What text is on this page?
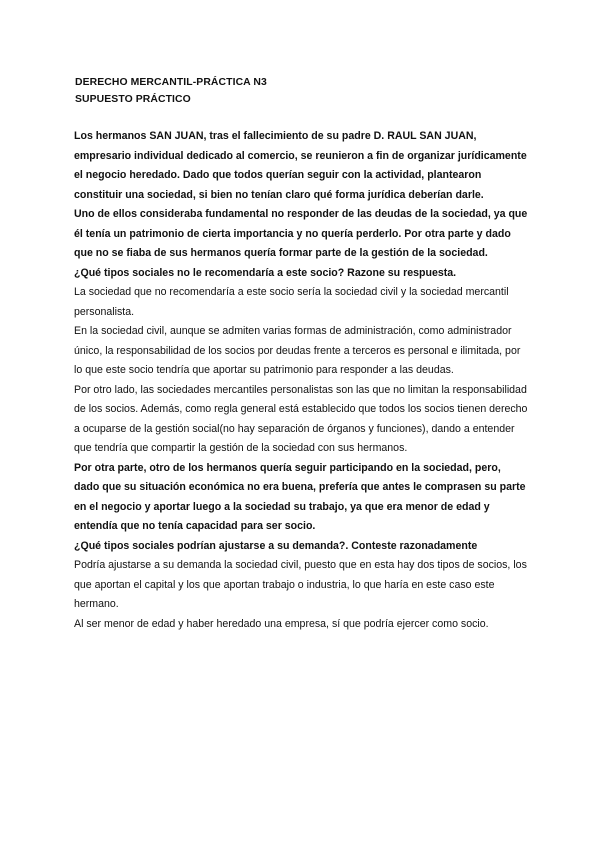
DERECHO MERCANTIL-PRÁCTICA N3

SUPUESTO PRÁCTICO

Los hermanos SAN JUAN, tras el fallecimiento de su padre D. RAUL SAN JUAN, empresario individual dedicado al comercio, se reunieron a fin de organizar jurídicamente el negocio heredado. Dado que todos querían seguir con la actividad, plantearon constituir una sociedad, si bien no tenían claro qué forma jurídica deberían darle.

Uno de ellos consideraba fundamental no responder de las deudas de la sociedad, ya que él tenía un patrimonio de cierta importancia y no quería perderlo. Por otra parte y dado que no se fiaba de sus hermanos quería formar parte de la gestión de la sociedad.

¿Qué tipos sociales no le recomendaría a este socio? Razone su respuesta.

La sociedad que no recomendaría a este socio sería la sociedad civil y la sociedad mercantil personalista.

En la sociedad civil, aunque se admiten varias formas de administración, como administrador único, la responsabilidad de los socios por deudas frente a terceros es personal e ilimitada, por lo que este socio tendría que aportar su patrimonio para responder a las deudas.

Por otro lado, las sociedades mercantiles personalistas son las que no limitan la responsabilidad de los socios. Además, como regla general está establecido que todos los socios tienen derecho a ocuparse de la gestión social(no hay separación de órganos y funciones), dando a entender que tendría que compartir la gestión de la sociedad con sus hermanos.

Por otra parte, otro de los hermanos quería seguir participando en la sociedad, pero, dado que su situación económica no era buena, prefería que antes le comprasen su parte en el negocio y aportar luego a la sociedad su trabajo, ya que era menor de edad y entendía que no tenía capacidad para ser socio.

¿Qué tipos sociales podrían ajustarse a su demanda?. Conteste razonadamente

Podría ajustarse a su demanda la sociedad civil, puesto que en esta hay dos tipos de socios, los que aportan el capital y los que aportan trabajo o industria, lo que haría en este caso este hermano.

Al ser menor de edad y haber heredado una empresa, sí que podría ejercer como socio.
